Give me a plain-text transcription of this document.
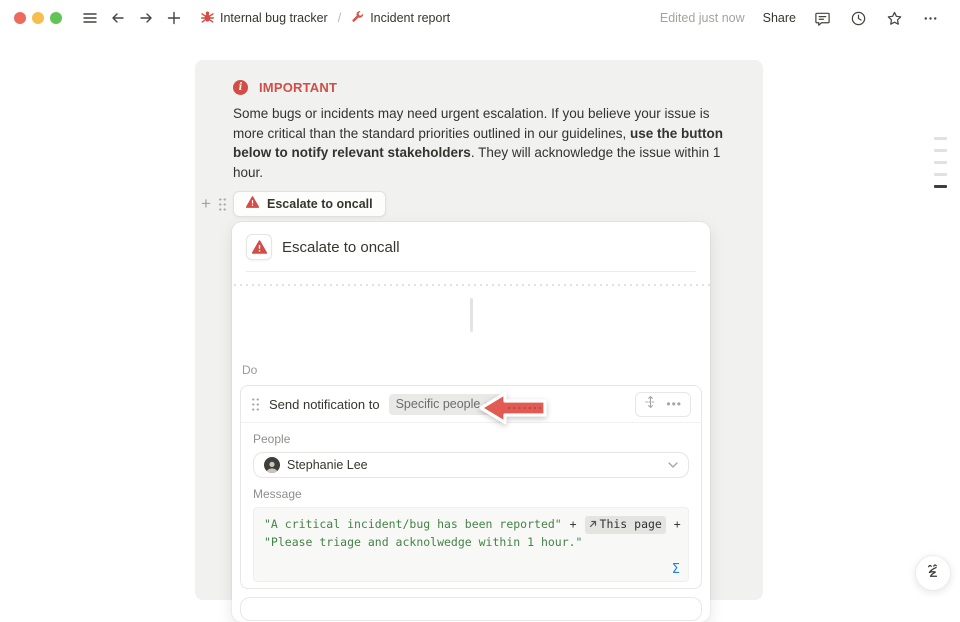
Internal bug tracker / Incident report	Edited just now	Share
i	IMPORTANT

Some bugs or incidents may need urgent escalation. If you believe your issue is more critical than the standard priorities outlined in our guidelines, use the button below to notify relevant stakeholders. They will acknowledge the issue within 1 hour.

+	Escalate to oncall
Escalate to oncall
Do
Send notification to Specific people	•••
People
Stephanie Lee
Message
"A critical incident/bug has been reported" + This page +
"Please triage and acknolwedge within 1 hour."
Σ
